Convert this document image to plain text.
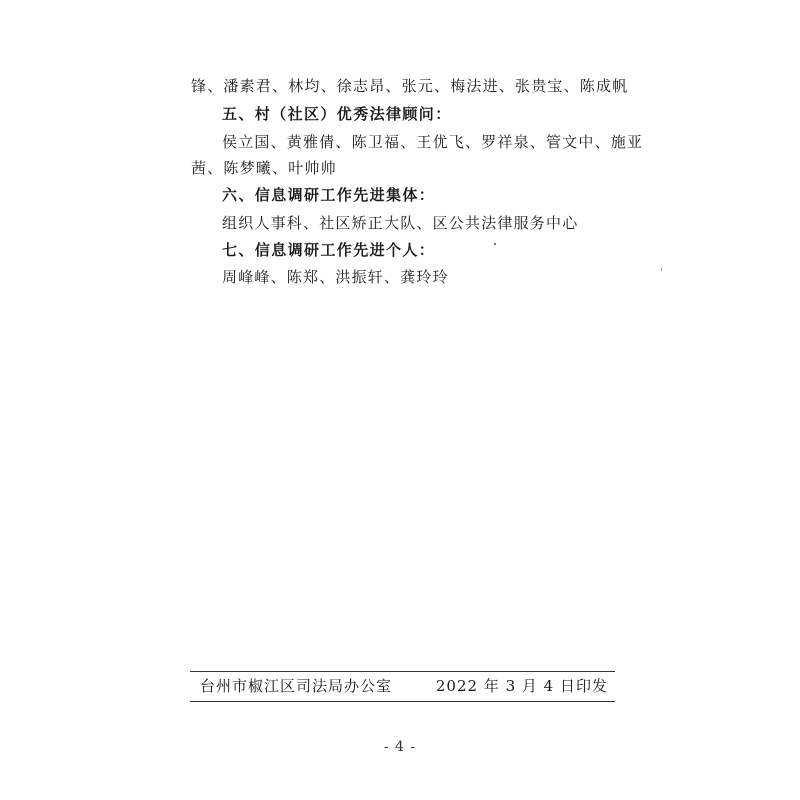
锋、潘素君、林均、徐志昂、张元、梅法进、张贵宝、陈成帆
五、村（社区）优秀法律顾问：
侯立国、黄雅倩、陈卫福、王优飞、罗祥泉、管文中、施亚
茜、陈梦曦、叶帅帅
六、信息调研工作先进集体：
组织人事科、社区矫正大队、区公共法律服务中心
七、信息调研工作先进个人：
周峰峰、陈郑、洪振轩、龚玲玲
台州市椒江区司法局办公室	2022 年 3 月 4 日印发
- 4 -
